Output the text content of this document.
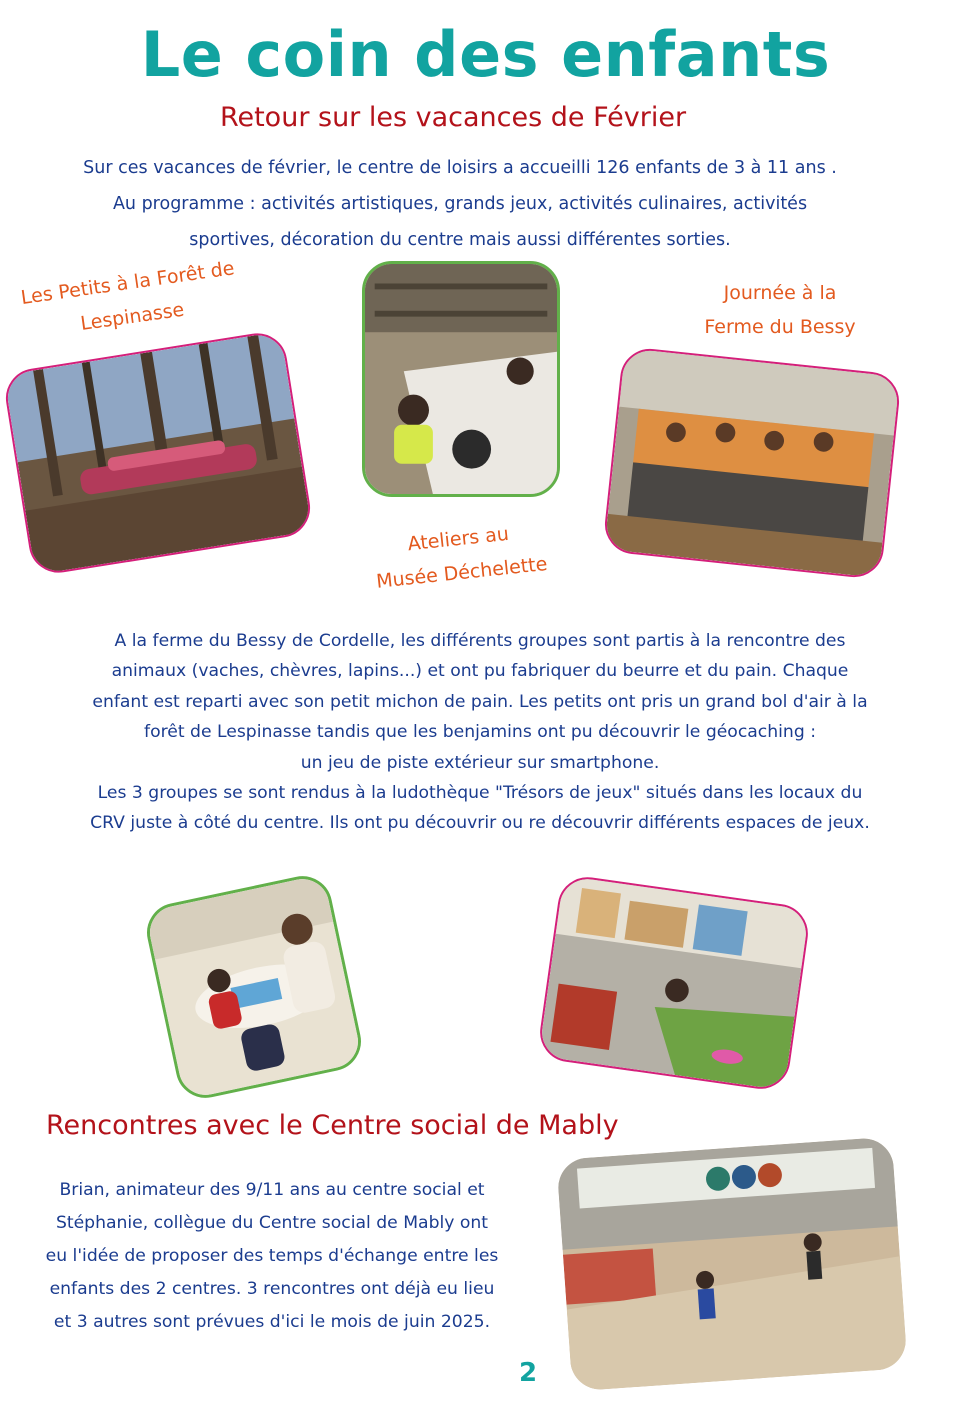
Le coin des enfants
Retour sur les vacances de Février
Sur ces vacances de février, le centre de loisirs a accueilli 126 enfants de 3 à 11 ans .
Au programme : activités artistiques, grands jeux, activités culinaires, activités
sportives, décoration du centre mais aussi différentes sorties.
Les Petits à la Forêt de
Lespinasse
Journée à la
Ferme du Bessy
Ateliers au
Musée Déchelette
A la ferme du Bessy de Cordelle, les différents groupes sont partis à la rencontre des
animaux (vaches, chèvres, lapins...) et ont pu fabriquer du beurre et du pain. Chaque
enfant est reparti avec son petit michon de pain. Les petits ont pris un grand bol d'air à la
forêt de Lespinasse tandis que les benjamins ont pu découvrir le géocaching :
un jeu de piste extérieur sur smartphone.
Les 3 groupes se sont rendus à la ludothèque "Trésors de jeux" situés dans les locaux du
CRV juste à côté du centre. Ils ont pu découvrir ou re découvrir différents espaces de jeux.
Rencontres avec le Centre social de Mably
Brian, animateur des 9/11 ans au centre social et
Stéphanie, collègue du Centre social de Mably ont
eu l'idée de proposer des temps d'échange entre les
enfants des 2 centres. 3 rencontres ont déjà eu lieu
et 3 autres sont prévues d'ici le mois de juin 2025.
2
